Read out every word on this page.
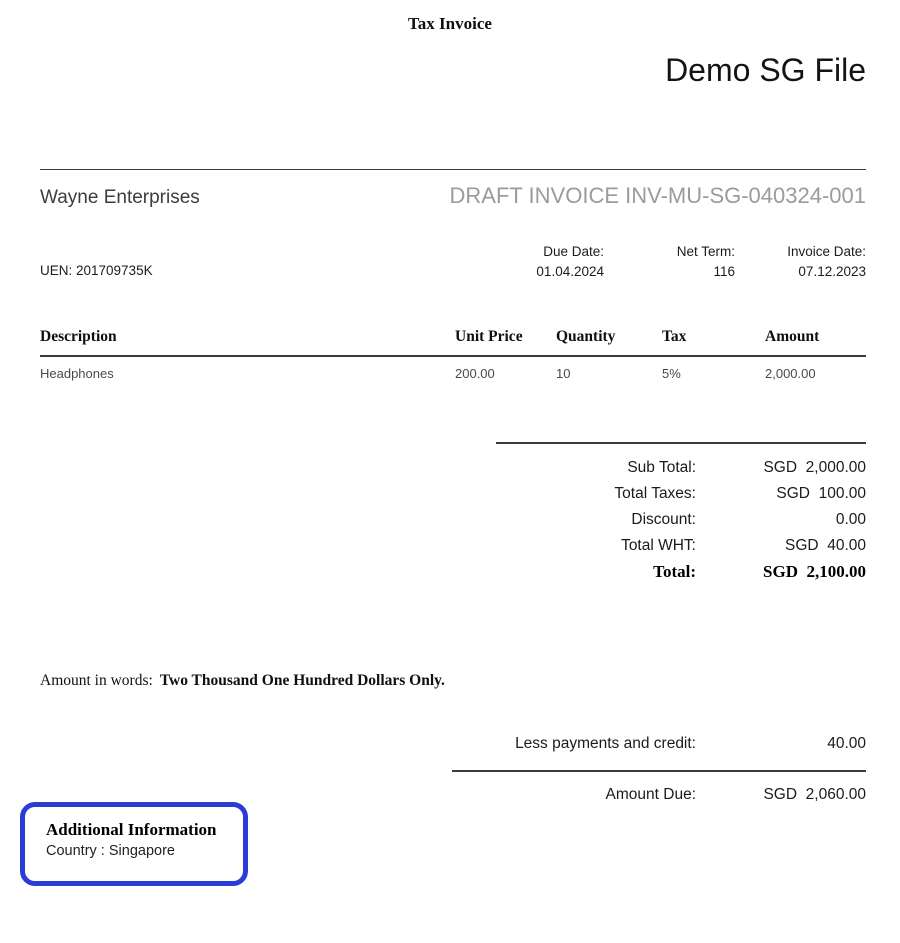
Tax Invoice
Demo SG File
Wayne Enterprises	DRAFT INVOICE INV-MU-SG-040324-001
UEN: 201709735K
Due Date:
01.04.2024
Net Term:
116
Invoice Date:
07.12.2023
Description	Unit Price	Quantity	Tax	Amount
Headphones	200.00	10	5%	2,000.00
Sub Total:	SGD  2,000.00
Total Taxes:	SGD  100.00
Discount:	0.00
Total WHT:	SGD  40.00
Total:	SGD  2,100.00
Amount in words: Two Thousand One Hundred Dollars Only.
Less payments and credit:	40.00
Amount Due:	SGD  2,060.00
Additional Information
Country : Singapore
